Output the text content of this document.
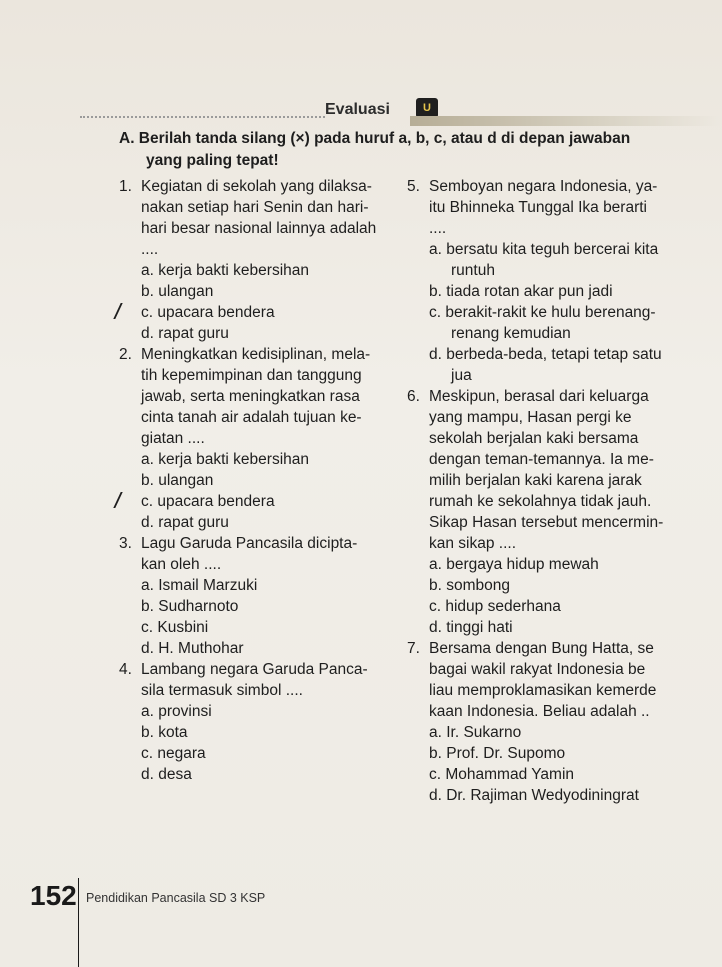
Evaluasi	U
A. Berilah tanda silang (×) pada huruf a, b, c, atau d di depan jawaban
yang paling tepat!
1. Kegiatan di sekolah yang dilaksa-
nakan setiap hari Senin dan hari-
hari besar nasional lainnya adalah
....
a. kerja bakti kebersihan
b. ulangan
c. upacara bendera
d. rapat guru
2. Meningkatkan kedisiplinan, mela-
tih kepemimpinan dan tanggung
jawab, serta meningkatkan rasa
cinta tanah air adalah tujuan ke-
giatan ....
a. kerja bakti kebersihan
b. ulangan
c. upacara bendera
d. rapat guru
3. Lagu Garuda Pancasila dicipta-
kan oleh ....
a. Ismail Marzuki
b. Sudharnoto
c. Kusbini
d. H. Muthohar
4. Lambang negara Garuda Panca-
sila termasuk simbol ....
a. provinsi
b. kota
c. negara
d. desa
5. Semboyan negara Indonesia, ya-
itu Bhinneka Tunggal Ika berarti
....
a. bersatu kita teguh bercerai kita
runtuh
b. tiada rotan akar pun jadi
c. berakit-rakit ke hulu berenang-
renang kemudian
d. berbeda-beda, tetapi tetap satu
jua
6. Meskipun, berasal dari keluarga
yang mampu, Hasan pergi ke
sekolah berjalan kaki bersama
dengan teman-temannya. Ia me-
milih berjalan kaki karena jarak
rumah ke sekolahnya tidak jauh.
Sikap Hasan tersebut mencermin-
kan sikap ....
a. bergaya hidup mewah
b. sombong
c. hidup sederhana
d. tinggi hati
7. Bersama dengan Bung Hatta, se
bagai wakil rakyat Indonesia be
liau memproklamasikan kemerde
kaan Indonesia. Beliau adalah ..
a. Ir. Sukarno
b. Prof. Dr. Supomo
c. Mohammad Yamin
d. Dr. Rajiman Wedyodiningrat
152 Pendidikan Pancasila SD 3 KSP
